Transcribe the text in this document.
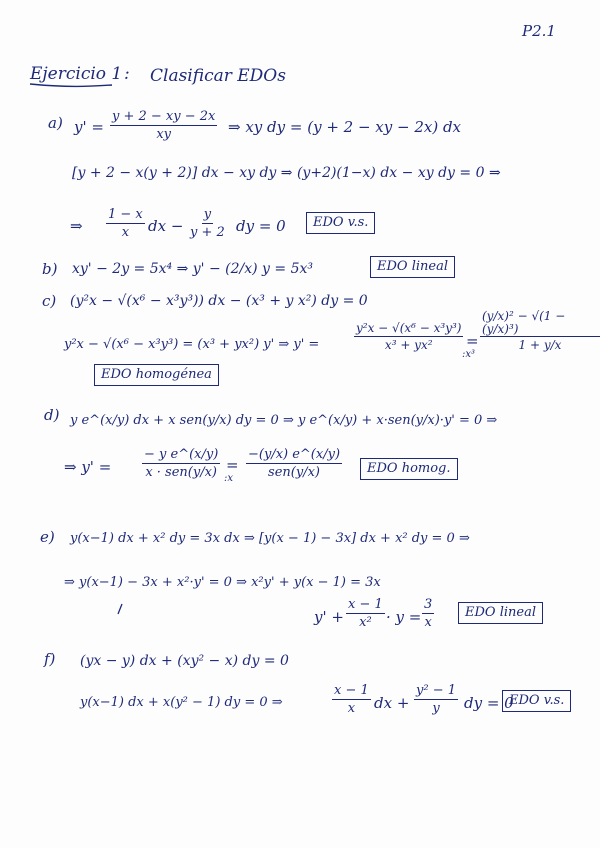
P2.1
Ejercicio 1 : Clasificar EDOs
a) $y' = \frac{y + 2 - xy - 2x}{xy}$ ⇒ xy dy = (y + 2 − xy − 2x) dx
[y + 2 − x(y + 2)] dx − xy dy ⇒ (y+2)(1−x) dx − xy dy = 0 ⇒
⇒ $\frac{1 - x}{x}$ dx − $\frac{y}{y + 2}$ dy = 0	EDO v.s.
b) xy' − 2y = 5x⁴ ⇒ y' − (2/x) y = 5x³	EDO lineal
c) (y²x − √(x⁶ − x³y³)) dx − (x³ + y x²) dy = 0
y²x − √(x⁶ − x³y³) = (x³ + yx²) y' ⇒ y' =	$\frac{\text{y²x − √(x⁶ − x³y³)}}{\text{x³ + yx²}}$ =
:x³
$\frac{\text{(y/x)² − √(1 − (y/x)³)}}{1 + y/x}$
EDO homogénea
d) y e^(x/y) dx + x sen(y/x) dy = 0 ⇒ y e^(x/y) + x·sen(y/x)·y' = 0 ⇒
⇒ y' =
− y e^(x/y)
x · sen(y/x) =
:x
−(y/x) e^(x/y)
sen(y/x)	EDO homog.
e) y(x−1) dx + x² dy = 3x dx ⇒ [y(x − 1) − 3x] dx + x² dy = 0 ⇒
⇒ y(x−1) − 3x + x²·y' = 0 ⇒ x²y' + y(x − 1) = 3x
$y' + \frac{x - 1}{\text{x²}} \cdot y = \frac{3}{x}$	EDO lineal
f) (yx − y) dx + (xy² − x) dy = 0
y(x−1) dx + x(y² − 1) dy = 0 ⇒	$\frac{x - 1}{x}$ dx + $\frac{\text{y² − 1}}{y}$ dy = 0
EDO v.s.
